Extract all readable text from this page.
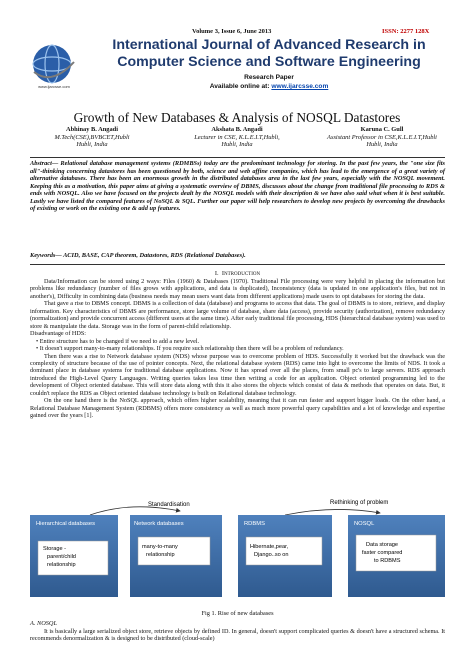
www.ijarcsse.com
Volume 3, Issue 6, June 2013	ISSN: 2277 128X
International Journal of Advanced Research in
Computer Science and Software Engineering
Research Paper
Available online at: www.ijarcsse.com
Growth of New Databases & Analysis of NOSQL Datastores
Abhinay B. Angadi
M.Tech(CSE),BVBCET,Hubli
Hubli, India
Akshata B. Angadi
Lecturer in CSE, K.L.E.I.T,Hubli,
Hubli, India
Karuna C. Gull
Assistant Professor in CSE,K.L.E.I.T,Hubli
Hubli, India
Abstract— Relational database management systems (RDMBSs) today are the predominant technology for storing. In the past few years, the "one size fits all"-thinking concerning datastores has been questioned by both, science and web affine companies, which has lead to the emergence of a great variety of alternative databases. There has been an enormous growth in the distributed databases area in the last few years, especially with the NOSQL movement. Keeping this as a motivation, this paper aims at giving a systematic overview of DBMS, discusses about the change from traditional file processing to RDS & ends with NOSQL. Also we have focused on the projects dealt by the NOSQL models with their description & we have also said what when it is best suitable. Lastly we have listed the compared features of NoSQL & SQL. Further our paper will help researchers to develop new projects by overcoming the drawbacks of existing or work on the existing one & add up features.
Keywords— ACID, BASE, CAP theorem, Datastores, RDS (Relational Databases).
I. INTRODUCTION

Data/Information can be stored using 2 ways: Files (1960) & Databases (1970). Traditional File processing were very helpful in placing the information but problems like redundancy (number of files grows with applications, and data is duplicated), Inconsistency (data is updated in one application's files, but not in another's), Difficulty in combining data (business needs may mean users want data from different applications) made users to opt databases for storing the data.

That gave a rise to DBMS concept. DBMS is a collection of data (database) and programs to access that data. The goal of DBMS is to store, retrieve, and display information. Key characteristics of DBMS are performance, store large volume of database, share data (access), provide security (authorization), remove redundancy (normalization) and provide concurrent access (different users at the same time). After early traditional file processing, HDS (hierarchical database system) was used to store & manipulate the data. Storage was in the form of parent-child relationship.

Disadvantage of HDS:

• Entire structure has to be changed if we need to add a new level.

• It doesn't support many-to-many relationships. If you require such relationship then there will be a problem of redundancy.

Then there was a rise to Network database system (NDS) whose purpose was to overcome problem of HDS. Successfully it worked but the drawback was the complexity of structure because of the use of pointer concepts. Next, the relational database system (RDS) came into light to overcome the limits of NDS. It took a dominant place in database systems for traditional database applications. Now it has spread over all the places, from small pc's to large servers. RDS approach introduced the High-Level Query Languages. Writing queries takes less time then writing a code for an application. Object oriented programming led to the development of Object oriented database. This will store data along with this it also stores the objects which consist of data & methods that operates on data. But, it couldn't replace the RDS as Object oriented database technology is built on Relational database technology.

On the one hand there is the NoSQL approach, which offers higher scalability, meaning that it can run faster and support bigger loads. On the other hand, a Relational Database Management System (RDBMS) offers more consistency as well as much more powerful query capabilities and a lot of knowledge and expertise gained over the years [1].

Standardisation	Rethinking of problem
Hierarchical databases
Storage -
parent/child
relationship
Network databases
many-to-many
relationship
RDBMS
Hibernate,pear,
Django..so on
NOSQL
Data storage
faster compared
to RDBMS
Fig 1. Rise of new databases
A. NOSQL

It is basically a large serialized object store, retrieve objects by defined ID. In general, doesn't support complicated queries & doesn't have a structured schema. It recommends denormalization & is designed to be distributed (cloud-scale)
